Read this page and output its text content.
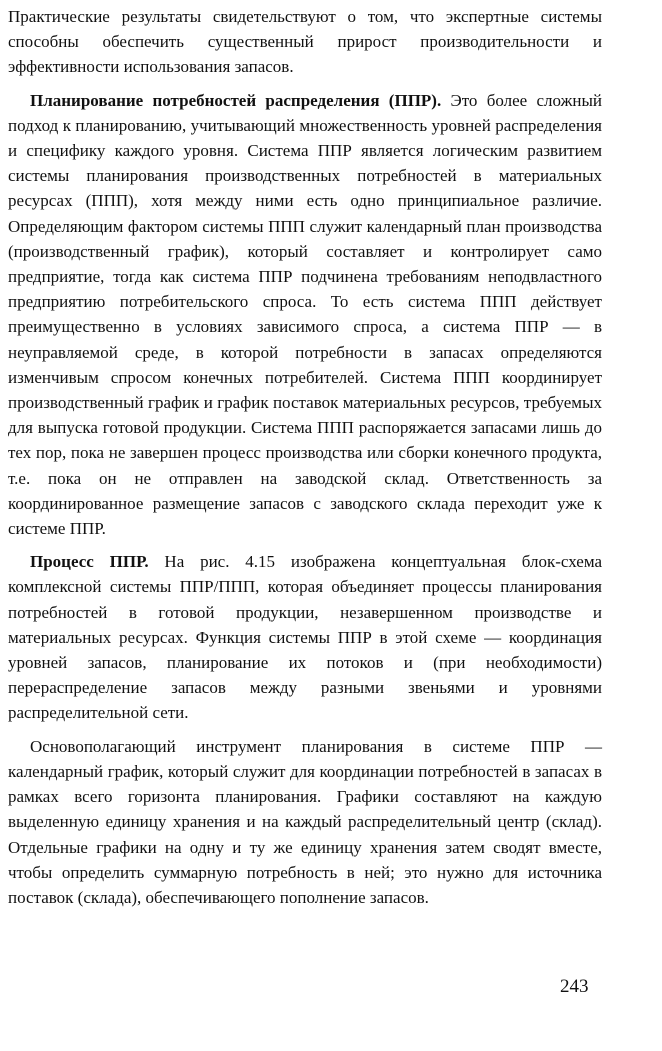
Практические результаты свидетельствуют о том, что экспертные системы способны обеспечить существенный прирост производительности и эффективности использования запасов.

Планирование потребностей распределения (ППР). Это более сложный подход к планированию, учитывающий множественность уровней распределения и специфику каждого уровня. Система ППР является логическим развитием системы планирования производственных потребностей в материальных ресурсах (ППП), хотя между ними есть одно принципиальное различие. Определяющим фактором системы ППП служит календарный план производства (производственный график), который составляет и контролирует само предприятие, тогда как система ППР подчинена требованиям неподвластного предприятию потребительского спроса. То есть система ППП действует преимущественно в условиях зависимого спроса, а система ППР — в неуправляемой среде, в которой потребности в запасах определяются изменчивым спросом конечных потребителей. Система ППП координирует производственный график и график поставок материальных ресурсов, требуемых для выпуска готовой продукции. Система ППП распоряжается запасами лишь до тех пор, пока не завершен процесс производства или сборки конечного продукта, т.е. пока он не отправлен на заводской склад. Ответственность за координированное размещение запасов с заводского склада переходит уже к системе ППР.

Процесс ППР. На рис. 4.15 изображена концептуальная блок-схема комплексной системы ППР/ППП, которая объединяет процессы планирования потребностей в готовой продукции, незавершенном производстве и материальных ресурсах. Функция системы ППР в этой схеме — координация уровней запасов, планирование их потоков и (при необходимости) перераспределение запасов между разными звеньями и уровнями распределительной сети.

Основополагающий инструмент планирования в системе ППР — календарный график, который служит для координации потребностей в запасах в рамках всего горизонта планирования. Графики составляют на каждую выделенную единицу хранения и на каждый распределительный центр (склад). Отдельные графики на одну и ту же единицу хранения затем сводят вместе, чтобы определить суммарную потребность в ней; это нужно для источника поставок (склада), обеспечивающего пополнение запасов.

243
